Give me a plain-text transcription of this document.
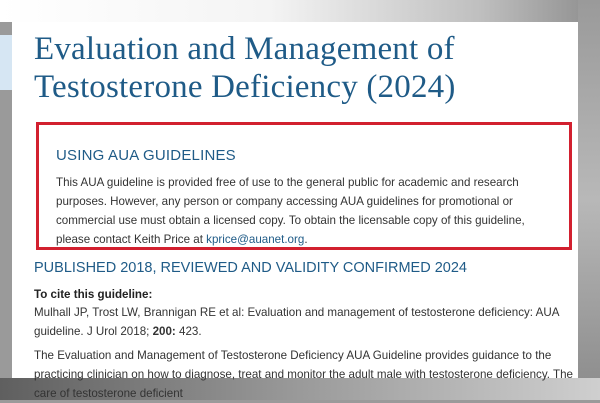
Evaluation and Management of Testosterone Deficiency (2024)
USING AUA GUIDELINES

This AUA guideline is provided free of use to the general public for academic and research purposes. However, any person or company accessing AUA guidelines for promotional or commercial use must obtain a licensed copy. To obtain the licensable copy of this guideline, please contact Keith Price at kprice@auanet.org.

PUBLISHED 2018, REVIEWED AND VALIDITY CONFIRMED 2024

To cite this guideline:

Mulhall JP, Trost LW, Brannigan RE et al: Evaluation and management of testosterone deficiency: AUA guideline. J Urol 2018; 200: 423.

The Evaluation and Management of Testosterone Deficiency AUA Guideline provides guidance to the practicing clinician on how to diagnose, treat and monitor the adult male with testosterone deficiency. The care of testosterone deficient
